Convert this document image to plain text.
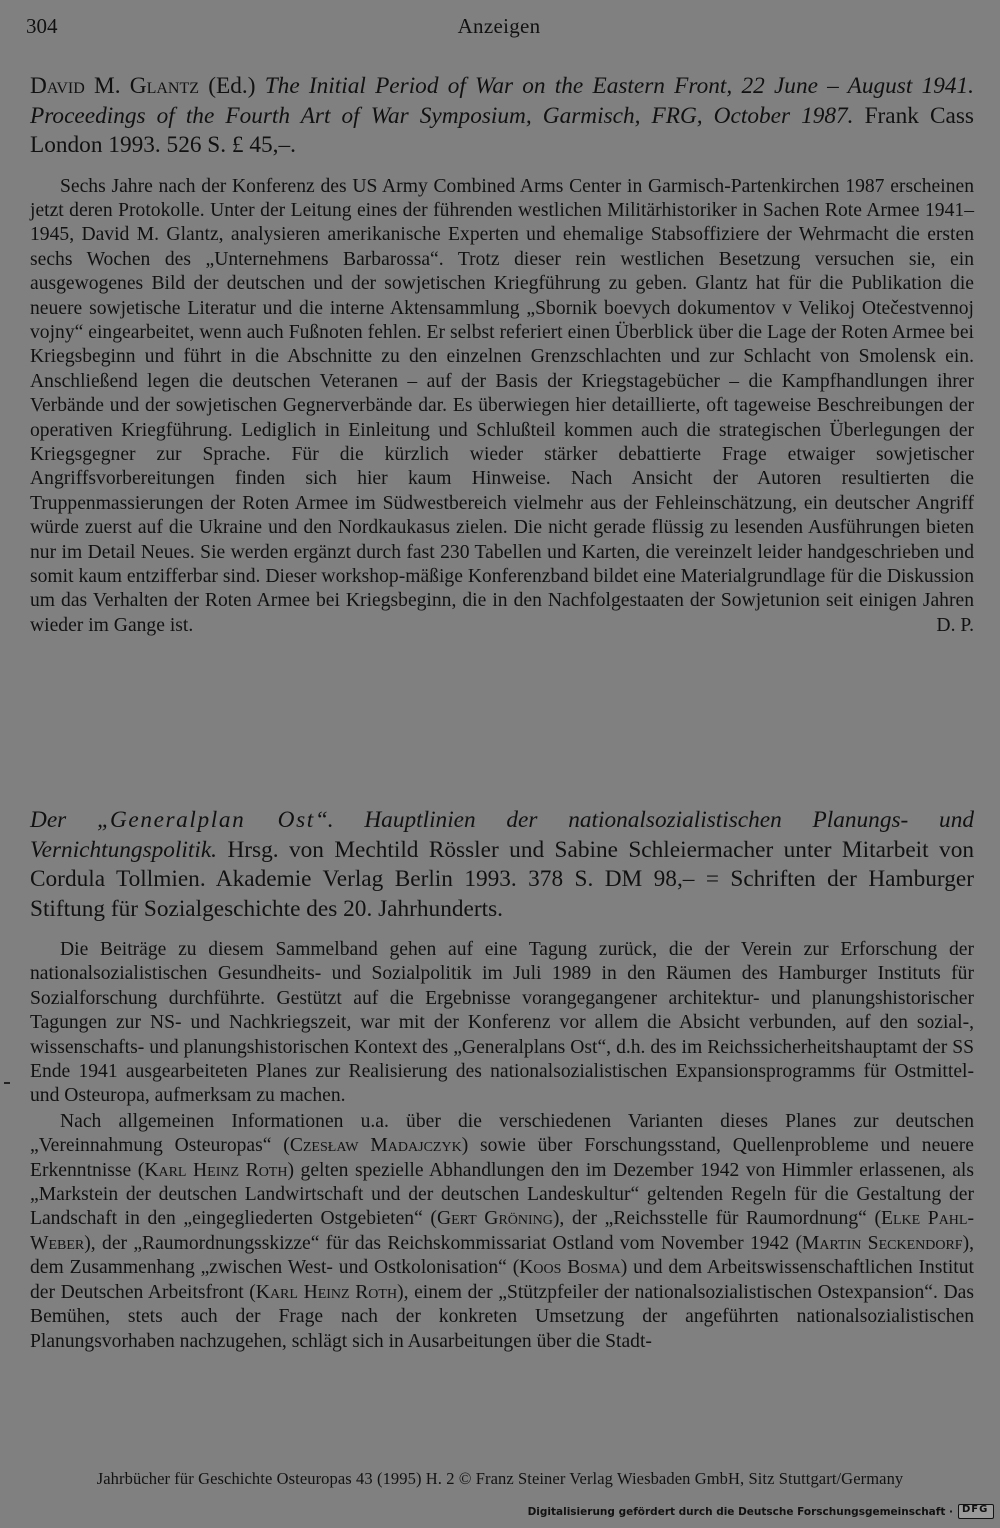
304	Anzeigen

David M. Glantz (Ed.) The Initial Period of War on the Eastern Front, 22 June – August 1941. Proceedings of the Fourth Art of War Symposium, Garmisch, FRG, October 1987. Frank Cass London 1993. 526 S. £ 45,–.

Sechs Jahre nach der Konferenz des US Army Combined Arms Center in Garmisch-Partenkirchen 1987 erscheinen jetzt deren Protokolle. Unter der Leitung eines der führenden westlichen Militärhistoriker in Sachen Rote Armee 1941–1945, David M. Glantz, analysieren amerikanische Experten und ehemalige Stabsoffiziere der Wehrmacht die ersten sechs Wochen des „Unternehmens Barbarossa“. Trotz dieser rein westlichen Besetzung versuchen sie, ein ausgewogenes Bild der deutschen und der sowjetischen Kriegführung zu geben. Glantz hat für die Publikation die neuere sowjetische Literatur und die interne Aktensammlung „Sbornik boevych dokumentov v Velikoj Otečestvennoj vojny“ eingearbeitet, wenn auch Fußnoten fehlen. Er selbst referiert einen Überblick über die Lage der Roten Armee bei Kriegsbeginn und führt in die Abschnitte zu den einzelnen Grenzschlachten und zur Schlacht von Smolensk ein. Anschließend legen die deutschen Veteranen – auf der Basis der Kriegstagebücher – die Kampfhandlungen ihrer Verbände und der sowjetischen Gegnerverbände dar. Es überwiegen hier detaillierte, oft tageweise Beschreibungen der operativen Kriegführung. Lediglich in Einleitung und Schlußteil kommen auch die strategischen Überlegungen der Kriegsgegner zur Sprache. Für die kürzlich wieder stärker debattierte Frage etwaiger sowjetischer Angriffsvorbereitungen finden sich hier kaum Hinweise. Nach Ansicht der Autoren resultierten die Truppenmassierungen der Roten Armee im Südwestbereich vielmehr aus der Fehleinschätzung, ein deutscher Angriff würde zuerst auf die Ukraine und den Nordkaukasus zielen. Die nicht gerade flüssig zu lesenden Ausführungen bieten nur im Detail Neues. Sie werden ergänzt durch fast 230 Tabellen und Karten, die vereinzelt leider handgeschrieben und somit kaum entzifferbar sind. Dieser workshop-mäßige Konferenzband bildet eine Materialgrundlage für die Diskussion um das Verhalten der Roten Armee bei Kriegsbeginn, die in den Nachfolgestaaten der Sowjetunion seit einigen Jahren wieder im Gange ist.	D. P.

Der „Generalplan Ost“. Hauptlinien der nationalsozialistischen Planungs- und Vernichtungspolitik. Hrsg. von Mechtild Rössler und Sabine Schleiermacher unter Mitarbeit von Cordula Tollmien. Akademie Verlag Berlin 1993. 378 S. DM 98,– = Schriften der Hamburger Stiftung für Sozialgeschichte des 20. Jahrhunderts.

Die Beiträge zu diesem Sammelband gehen auf eine Tagung zurück, die der Verein zur Erforschung der nationalsozialistischen Gesundheits- und Sozialpolitik im Juli 1989 in den Räumen des Hamburger Instituts für Sozialforschung durchführte. Gestützt auf die Ergebnisse vorangegangener architektur- und planungshistorischer Tagungen zur NS- und Nachkriegszeit, war mit der Konferenz vor allem die Absicht verbunden, auf den sozial-, wissenschafts- und planungshistorischen Kontext des „Generalplans Ost“, d.h. des im Reichssicherheitshauptamt der SS Ende 1941 ausgearbeiteten Planes zur Realisierung des nationalsozialistischen Expansionsprogramms für Ostmittel- und Osteuropa, aufmerksam zu machen.

Nach allgemeinen Informationen u.a. über die verschiedenen Varianten dieses Planes zur deutschen „Vereinnahmung Osteuropas“ (Czesław Madajczyk) sowie über Forschungsstand, Quellenprobleme und neuere Erkenntnisse (Karl Heinz Roth) gelten spezielle Abhandlungen den im Dezember 1942 von Himmler erlassenen, als „Markstein der deutschen Landwirtschaft und der deutschen Landeskultur“ geltenden Regeln für die Gestaltung der Landschaft in den „eingegliederten Ostgebieten“ (Gert Gröning), der „Reichsstelle für Raumordnung“ (Elke Pahl-Weber), der „Raumordnungsskizze“ für das Reichskommissariat Ostland vom November 1942 (Martin Seckendorf), dem Zusammenhang „zwischen West- und Ostkolonisation“ (Koos Bosma) und dem Arbeitswissenschaftlichen Institut der Deutschen Arbeitsfront (Karl Heinz Roth), einem der „Stützpfeiler der nationalsozialistischen Ostexpansion“. Das Bemühen, stets auch der Frage nach der konkreten Umsetzung der angeführten nationalsozialistischen Planungsvorhaben nachzugehen, schlägt sich in Ausarbeitungen über die Stadt-

Jahrbücher für Geschichte Osteuropas 43 (1995) H. 2 © Franz Steiner Verlag Wiesbaden GmbH, Sitz Stuttgart/Germany
Digitalisierung gefördert durch die Deutsche Forschungsgemeinschaft · DFG
